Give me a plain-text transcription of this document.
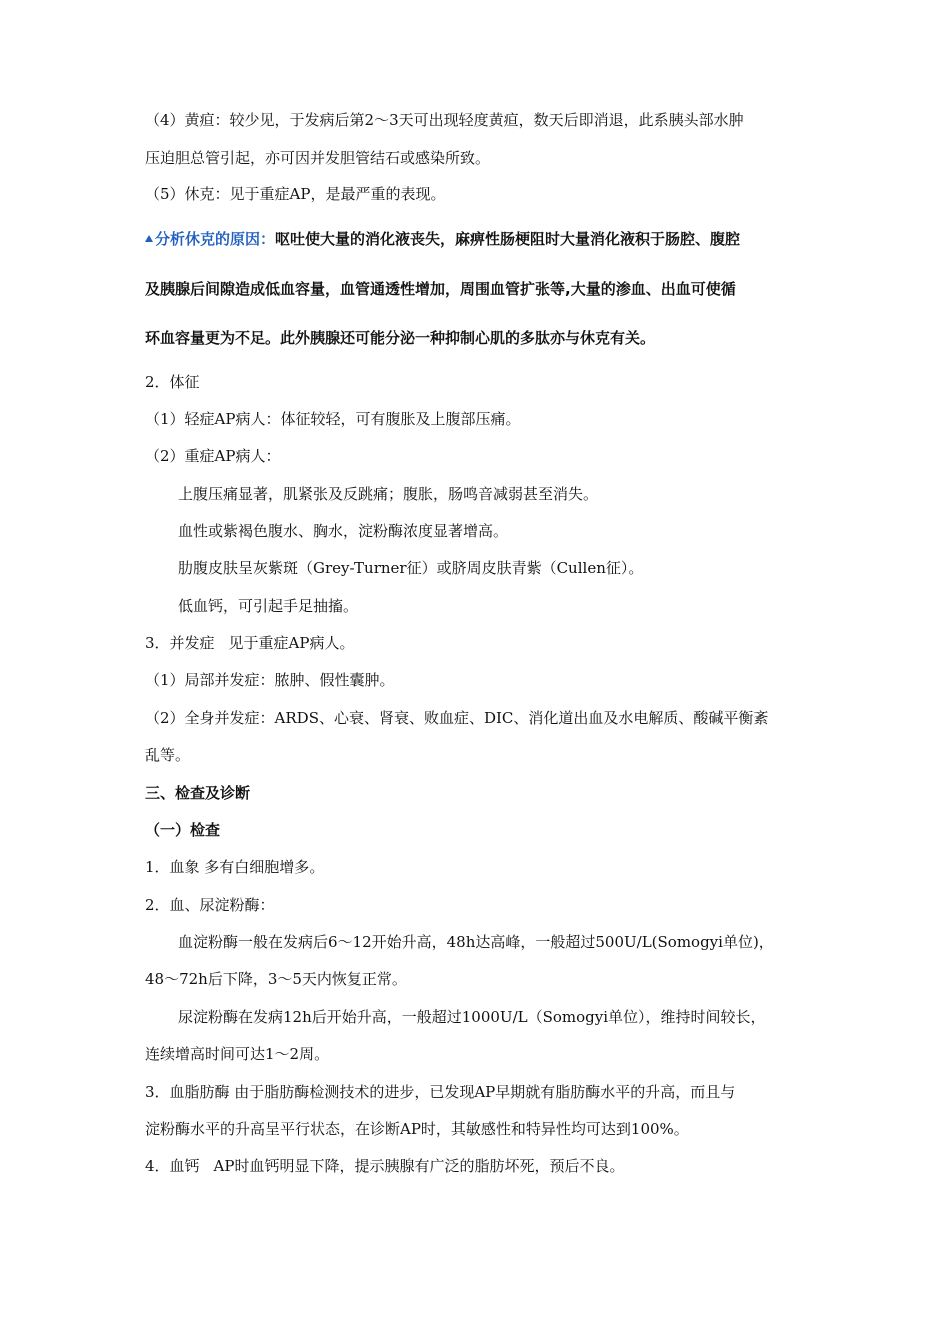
（4）黄疸：较少见，于发病后第2～3天可出现轻度黄疸，数天后即消退，此系胰头部水肿
压迫胆总管引起，亦可因并发胆管结石或感染所致。
（5）休克：见于重症AP，是最严重的表现。
分析休克的原因：呕吐使大量的消化液丧失，麻痹性肠梗阻时大量消化液积于肠腔、腹腔
及胰腺后间隙造成低血容量，血管通透性增加，周围血管扩张等,大量的渗血、出血可使循
环血容量更为不足。此外胰腺还可能分泌一种抑制心肌的多肽亦与休克有关。
2．体征
（1）轻症AP病人：体征较轻，可有腹胀及上腹部压痛。
（2）重症AP病人：
上腹压痛显著，肌紧张及反跳痛；腹胀，肠鸣音减弱甚至消失。
血性或紫褐色腹水、胸水，淀粉酶浓度显著增高。
肋腹皮肤呈灰紫斑（Grey-Turner征）或脐周皮肤青紫（Cullen征）。
低血钙，可引起手足抽搐。
3．并发症 见于重症AP病人。
（1）局部并发症：脓肿、假性囊肿。
（2）全身并发症：ARDS、心衰、肾衰、败血症、DIC、消化道出血及水电解质、酸碱平衡紊
乱等。
三、检查及诊断
（一）检查
1．血象 多有白细胞增多。
2．血、尿淀粉酶：
血淀粉酶一般在发病后6～12开始升高，48h达高峰，一般超过500U/L(Somogyi单位)，
48～72h后下降，3～5天内恢复正常。
尿淀粉酶在发病12h后开始升高，一般超过1000U/L（Somogyi单位），维持时间较长，
连续增高时间可达1～2周。
3．血脂肪酶 由于脂肪酶检测技术的进步，已发现AP早期就有脂肪酶水平的升高，而且与
淀粉酶水平的升高呈平行状态，在诊断AP时，其敏感性和特异性均可达到100%。
4．血钙 AP时血钙明显下降，提示胰腺有广泛的脂肪坏死，预后不良。
